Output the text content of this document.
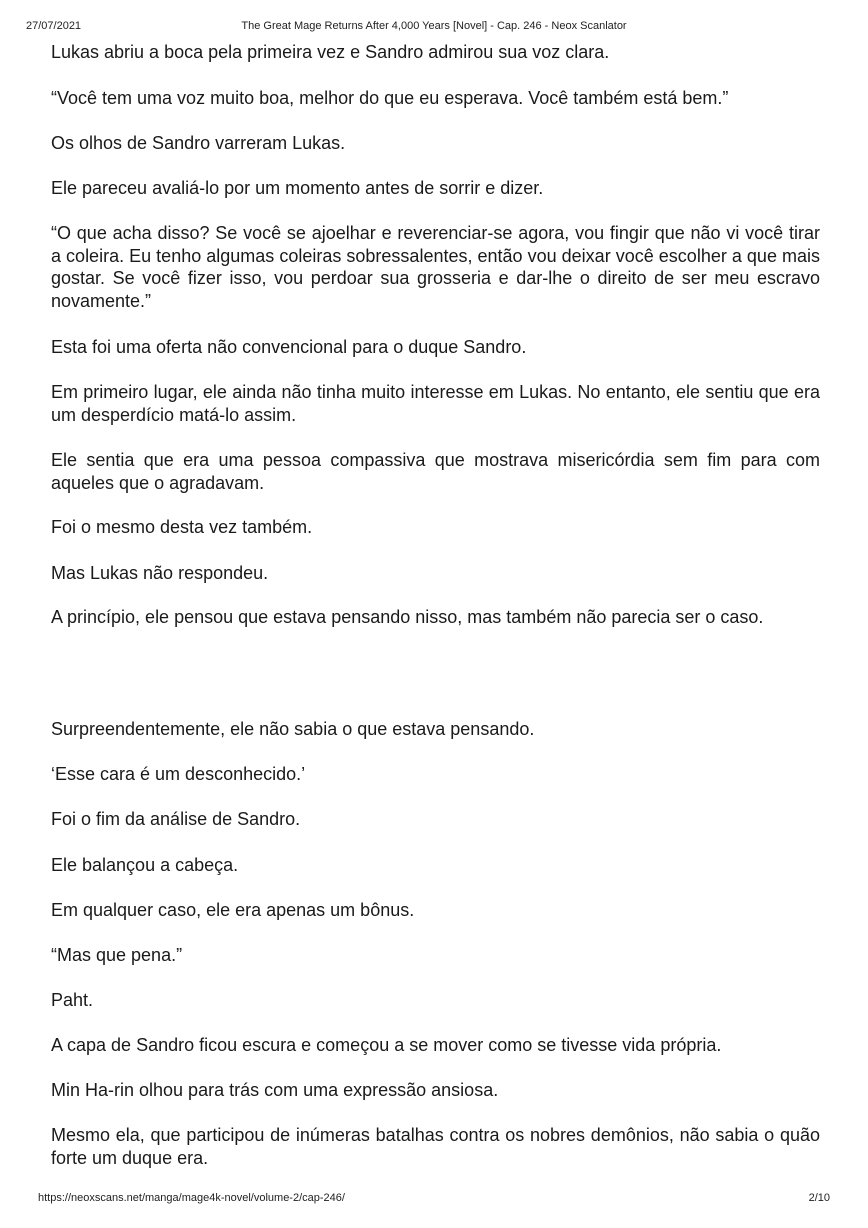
27/07/2021	The Great Mage Returns After 4,000 Years [Novel] - Cap. 246 - Neox Scanlator

Lukas abriu a boca pela primeira vez e Sandro admirou sua voz clara.

“Você tem uma voz muito boa, melhor do que eu esperava. Você também está bem.”

Os olhos de Sandro varreram Lukas.

Ele pareceu avaliá-lo por um momento antes de sorrir e dizer.

“O que acha disso? Se você se ajoelhar e reverenciar-se agora, vou fingir que não vi você tirar a coleira. Eu tenho algumas coleiras sobressalentes, então vou deixar você escolher a que mais gostar. Se você fizer isso, vou perdoar sua grosseria e dar-lhe o direito de ser meu escravo novamente.”

Esta foi uma oferta não convencional para o duque Sandro.

Em primeiro lugar, ele ainda não tinha muito interesse em Lukas. No entanto, ele sentiu que era um desperdício matá-lo assim.

Ele sentia que era uma pessoa compassiva que mostrava misericórdia sem fim para com aqueles que o agradavam.

Foi o mesmo desta vez também.

Mas Lukas não respondeu.

A princípio, ele pensou que estava pensando nisso, mas também não parecia ser o caso.

Surpreendentemente, ele não sabia o que estava pensando.

‘Esse cara é um desconhecido.’

Foi o fim da análise de Sandro.

Ele balançou a cabeça.

Em qualquer caso, ele era apenas um bônus.

“Mas que pena.”

Paht.

A capa de Sandro ficou escura e começou a se mover como se tivesse vida própria.

Min Ha-rin olhou para trás com uma expressão ansiosa.

Mesmo ela, que participou de inúmeras batalhas contra os nobres demônios, não sabia o quão forte um duque era.

https://neoxscans.net/manga/mage4k-novel/volume-2/cap-246/	2/10
